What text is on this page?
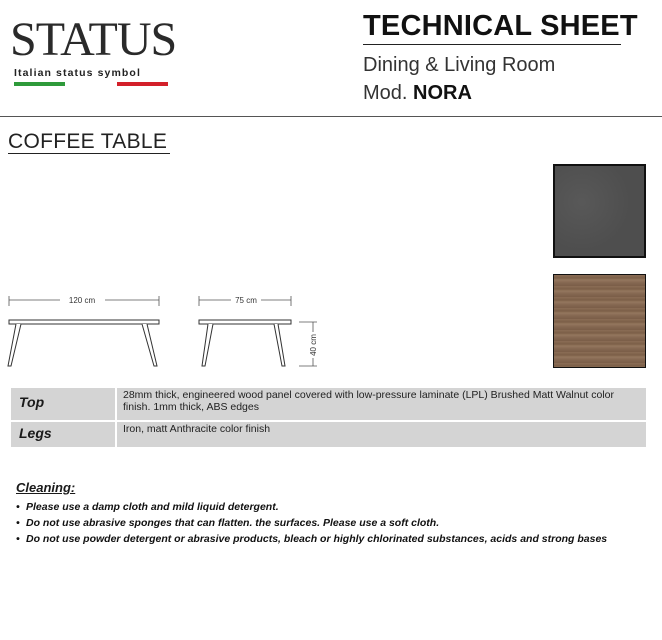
STATUS
Italian status symbol
TECHNICAL SHEET
Dining & Living Room
Mod. NORA
COFFEE TABLE
120 cm	75 cm
40 cm
Top	28mm thick, engineered wood panel covered with low-pressure laminate (LPL) Brushed Matt Walnut color finish. 1mm thick, ABS edges
Legs	Iron, matt Anthracite color finish
Cleaning:
• Please use a damp cloth and mild liquid detergent.
• Do not use abrasive sponges that can flatten. the surfaces. Please use a soft cloth.
• Do not use powder detergent or abrasive products, bleach or highly chlorinated substances, acids and strong bases
